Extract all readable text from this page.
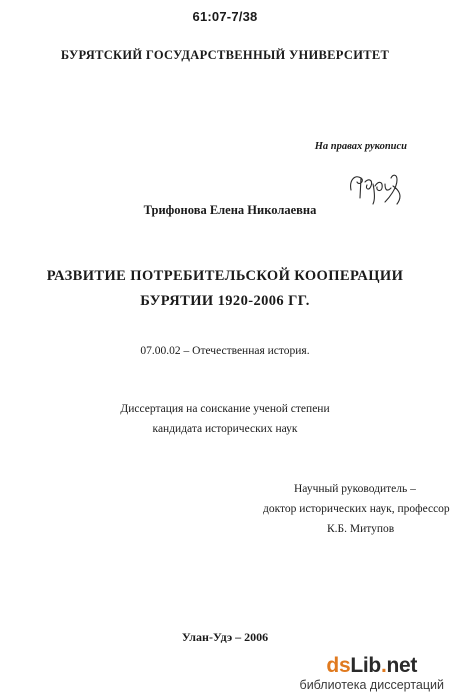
61:07-7/38
БУРЯТСКИЙ ГОСУДАРСТВЕННЫЙ УНИВЕРСИТЕТ
На правах рукописи
Трифонова Елена Николаевна
РАЗВИТИЕ ПОТРЕБИТЕЛЬСКОЙ КООПЕРАЦИИ
БУРЯТИИ 1920-2006 ГГ.
07.00.02 – Отечественная история.
Диссертация на соискание ученой степени
кандидата исторических наук
Научный руководитель –
доктор исторических наук, профессор
К.Б. Митупов
Улан-Удэ – 2006
dsLib.net
библиотека диссертаций
